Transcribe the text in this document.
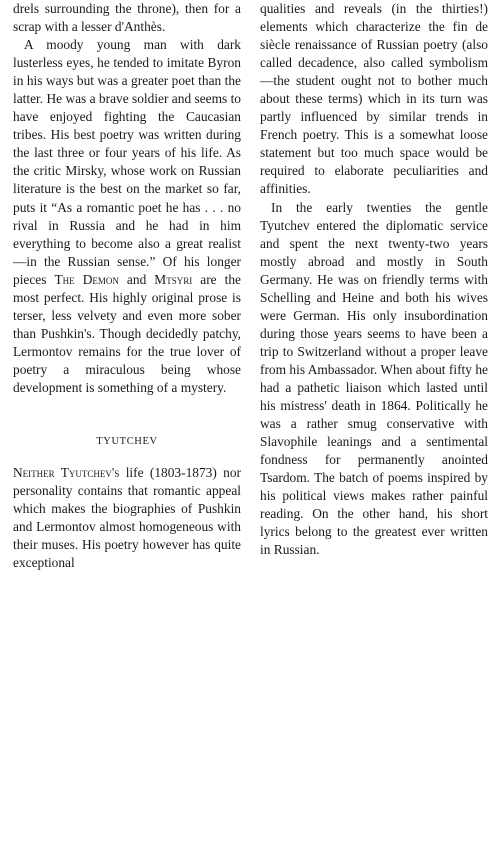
drels surrounding the throne), then for a scrap with a lesser d'Anthès.

A moody young man with dark lusterless eyes, he tended to imitate Byron in his ways but was a greater poet than the latter. He was a brave soldier and seems to have enjoyed fighting the Caucasian tribes. His best poetry was written during the last three or four years of his life. As the critic Mirsky, whose work on Russian literature is the best on the market so far, puts it “As a romantic poet he has . . . no rival in Russia and he had in him everything to become also a great realist—in the Russian sense.” Of his longer pieces The Demon and Mtsyri are the most perfect. His highly original prose is terser, less velvety and even more sober than Pushkin's. Though decidedly patchy, Lermontov remains for the true lover of poetry a miraculous being whose development is something of a mystery.

TYUTCHEV

Neither Tyutchev's life (1803-1873) nor personality contains that romantic appeal which makes the biographies of Pushkin and Lermontov almost homogeneous with their muses. His poetry however has quite exceptional

qualities and reveals (in the thirties!) elements which characterize the fin de siècle renaissance of Russian poetry (also called decadence, also called symbolism—the student ought not to bother much about these terms) which in its turn was partly influenced by similar trends in French poetry. This is a somewhat loose statement but too much space would be required to elaborate peculiarities and affinities.

In the early twenties the gentle Tyutchev entered the diplomatic service and spent the next twenty-two years mostly abroad and mostly in South Germany. He was on friendly terms with Schelling and Heine and both his wives were German. His only insubordination during those years seems to have been a trip to Switzerland without a proper leave from his Ambassador. When about fifty he had a pathetic liaison which lasted until his mistress' death in 1864. Politically he was a rather smug conservative with Slavophile leanings and a sentimental fondness for permanently anointed Tsardom. The batch of poems inspired by his political views makes rather painful reading. On the other hand, his short lyrics belong to the greatest ever written in Russian.
